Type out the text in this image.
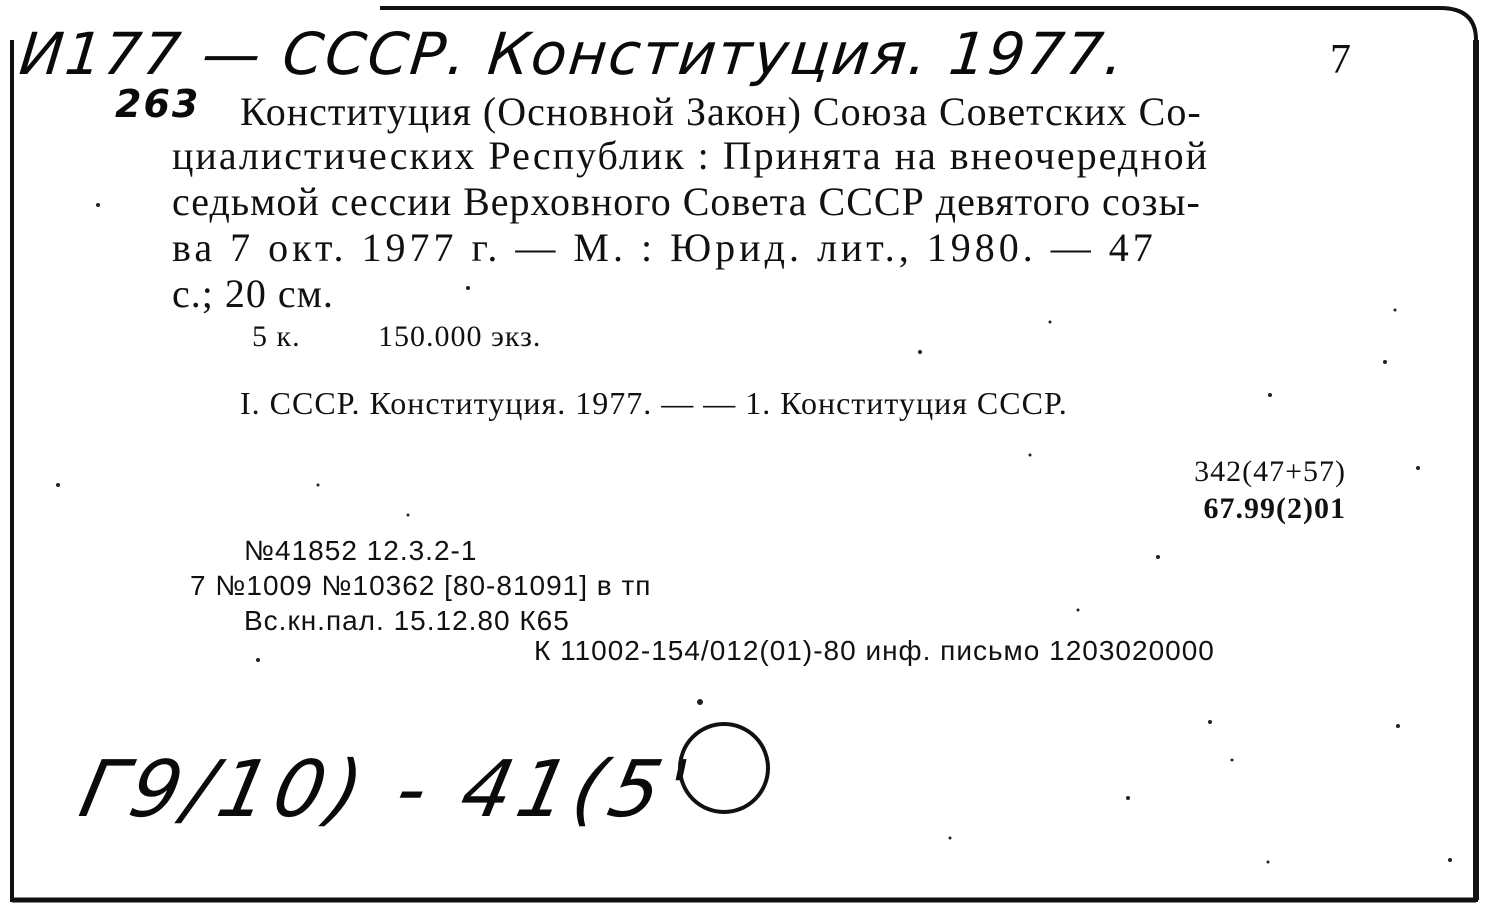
И177 — СССР. Конституция. 1977.
263
7
Конституция (Основной Закон) Союза Советских Со-
циалистических Республик : Принята на внеочередной
седьмой сессии Верховного Совета СССР девятого созы-
ва 7 окт. 1977 г. — М. : Юрид. лит., 1980. — 47
с.; 20 см.
5 к.	150.000 экз.
I. СССР. Конституция. 1977. — — 1. Конституция СССР.
342(47+57)
67.99(2)01
№41852 12.3.2-1
7 №1009 №10362 [80-81091] в тп
Вс.кн.пал. 15.12.80 К65
К 11002-154/012(01)-80 инф. письмо 1203020000
Г9/10) - 41(5'
